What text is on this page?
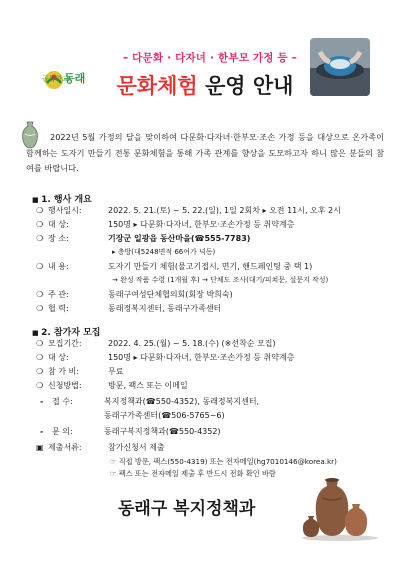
골목학교
동래
– 다문화 · 다자녀 · 한부모 가정 등 –
문화체험 운영 안내
2022년 5월 가정의 달을 맞이하여 다문화·다자녀·한부모·조손 가정 등을 대상으로 온가족이 함께하는 도자기 만들기 전통 문화체험을 통해 가족 관계를 향상을 도모하고자 하니 많은 분들의 참여를 바랍니다.
■ 1. 행사 개요
❍ 행사일시:	2022. 5. 21.(토) ~ 5. 22.(일), 1일 2회차 ▸ 오전 11시, 오후 2시
❍ 대 상:	150명 ▸ 다문화·다자녀, 한부모·조손가정 등 취약계층
❍ 장 소:	기장군 일광읍 동산마을(☎555-7783)
▸ 층방(대5248면적 66여가 넉동)
❍ 내 용:	도자기 만들기 체험(물고기접시, 면기, 핸드페인팅 중 택 1)
→ 완성 작품 수령 (1개월 후) → 단체도 조사(대기/피쳐문, 설문지 작성)
❍ 주 관:	동래구여성단체협의회(회장 박희숙)
❍ 협 력:	동래정복지센터, 동래구가족센터
■ 2. 참가자 모집
❍ 모집기간:	2022. 4. 25.(월) ~ 5. 18.(수) (※선착순 모집)
❍ 대 상:	150명 ▸ 다문화·다자녀, 한부모·조손가정 등 취약계층
❍ 참 가 비:	무료
❍ 신청방법:	방문, 팩스 또는 이메일
- 접 수:	복지정책과(☎550-4352), 동래정복지센터,
동래구가족센터(☎506-5765~6)
- 문 의:	동래구복지정책과(☎550-4352)
▣ 제출서류:	참가신청서 제출
☞ 직접 방문, 팩스(550-4319) 또는 전자메일(hg7010146@korea.kr)
☞ 팩스 또는 전자메일 제출 후 반드시 전화 확인 바람
동래구 복지정책과
